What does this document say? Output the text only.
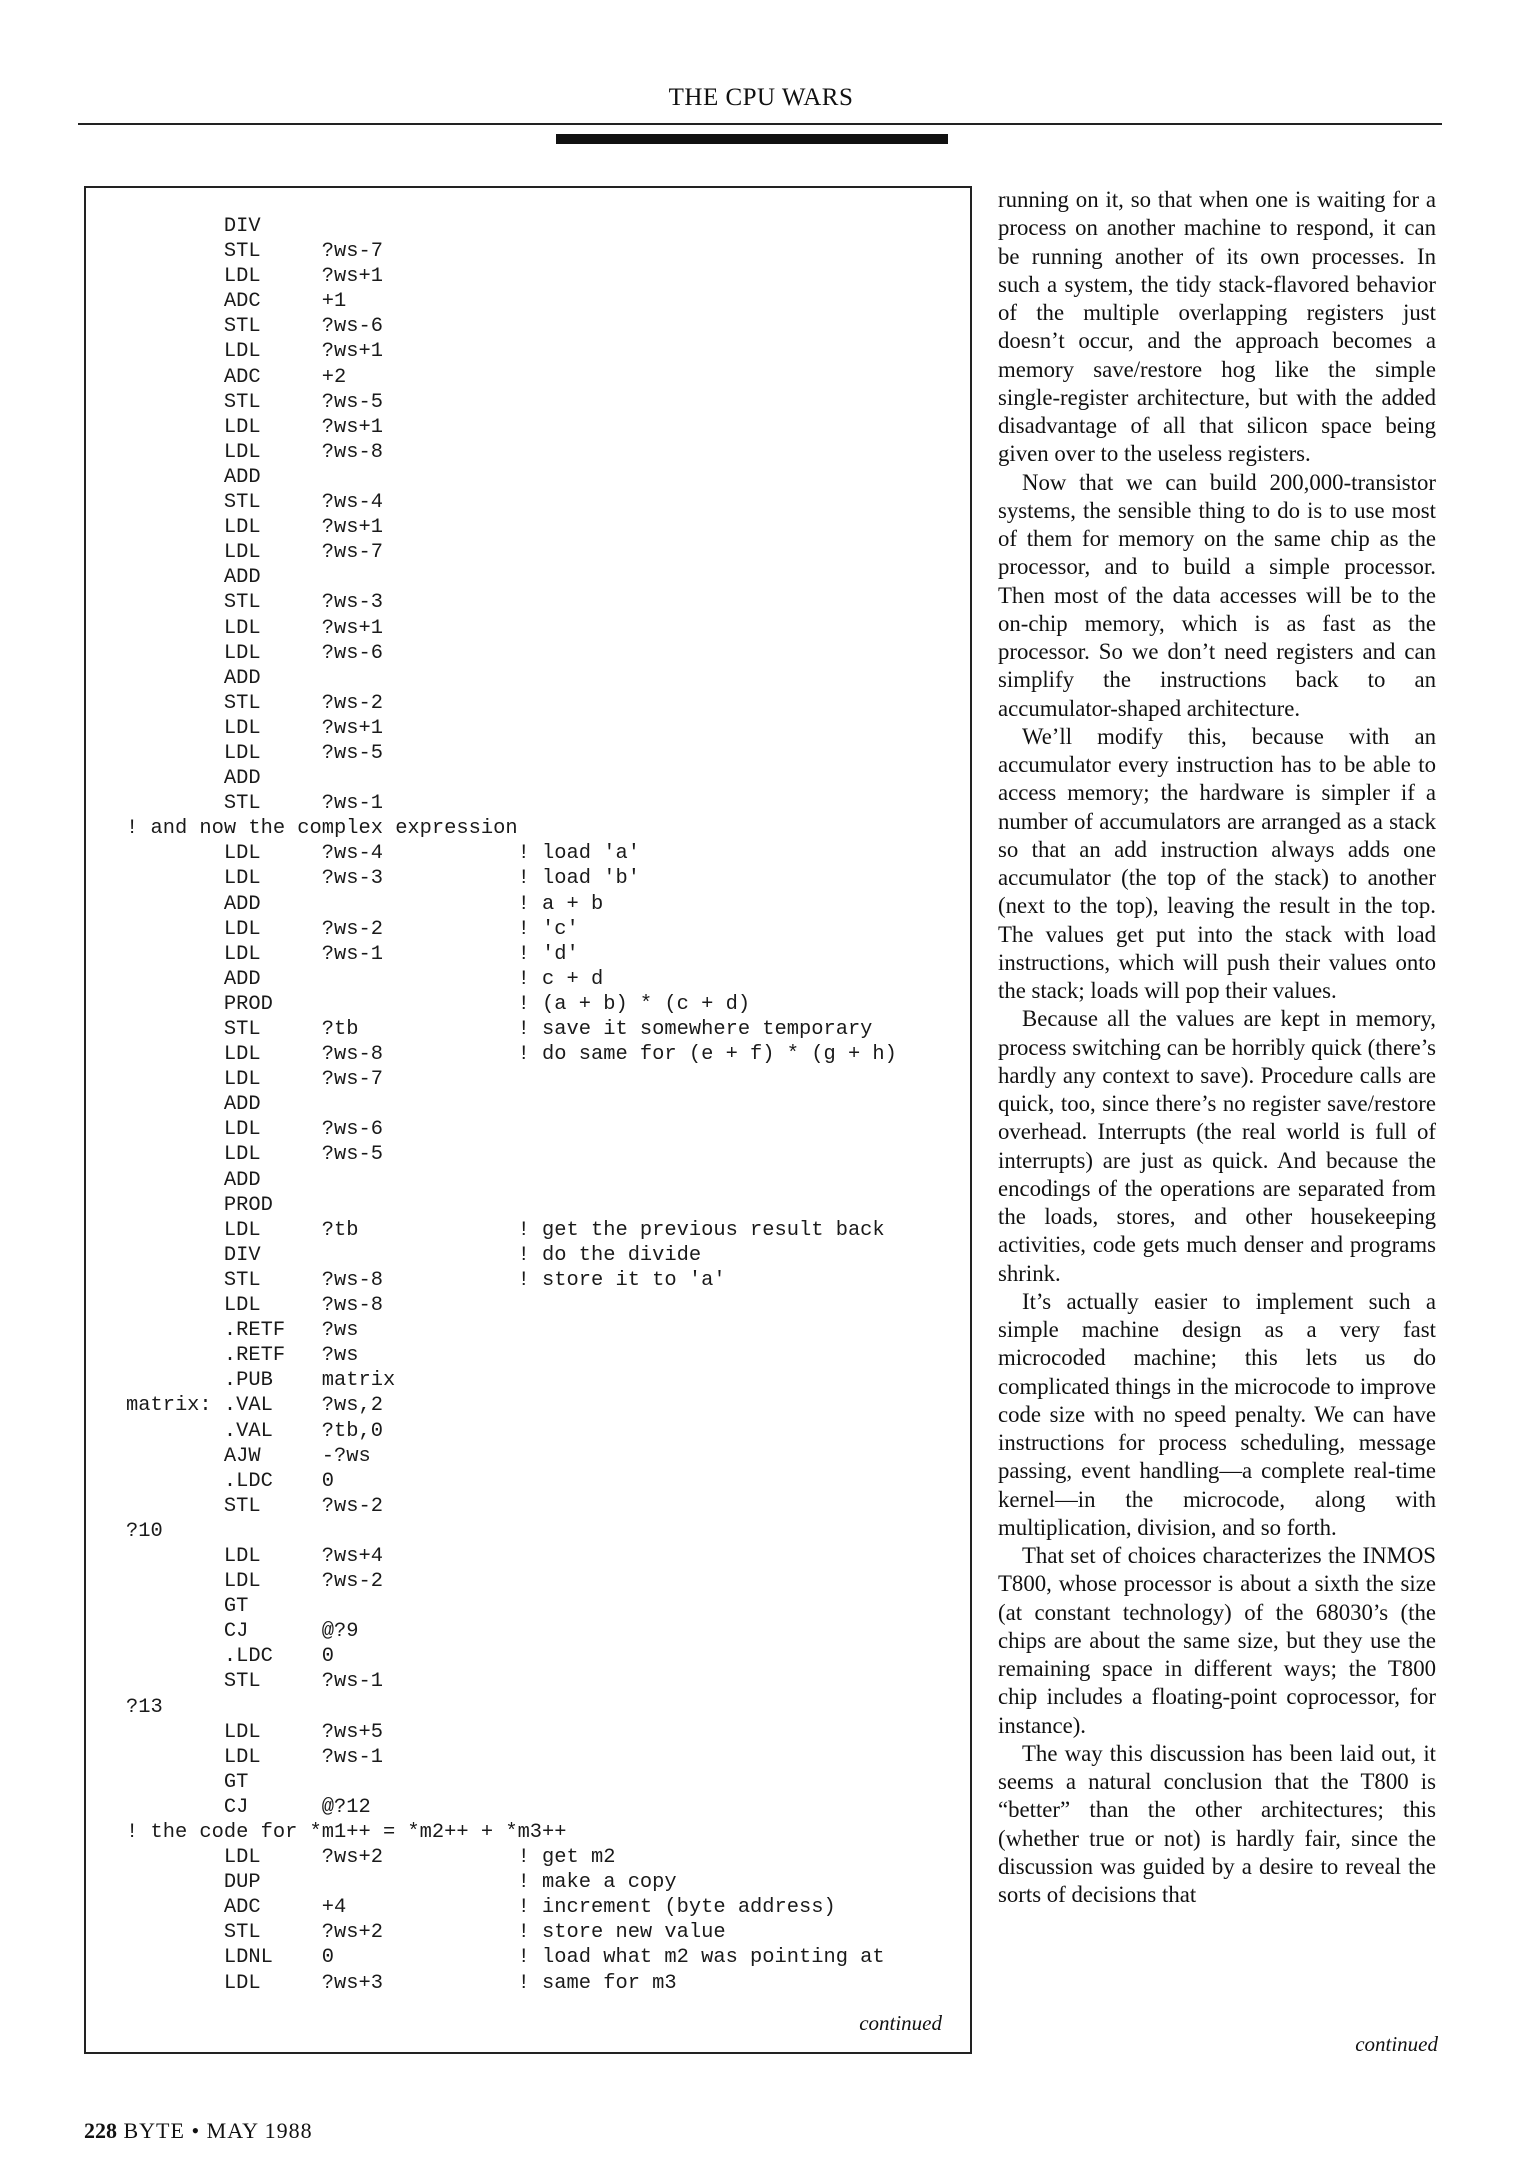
THE CPU WARS
DIV
STL     ?ws-7
LDL     ?ws+1
ADC     +1
STL     ?ws-6
LDL     ?ws+1
ADC     +2
STL     ?ws-5
LDL     ?ws+1
LDL     ?ws-8
ADD
STL     ?ws-4
LDL     ?ws+1
LDL     ?ws-7
ADD
STL     ?ws-3
LDL     ?ws+1
LDL     ?ws-6
ADD
STL     ?ws-2
LDL     ?ws+1
LDL     ?ws-5
ADD
STL     ?ws-1
! and now the complex expression
LDL     ?ws-4           ! load 'a'
LDL     ?ws-3           ! load 'b'
ADD                     ! a + b
LDL     ?ws-2           ! 'c'
LDL     ?ws-1           ! 'd'
ADD                     ! c + d
PROD                    ! (a + b) * (c + d)
STL     ?tb             ! save it somewhere temporary
LDL     ?ws-8           ! do same for (e + f) * (g + h)
LDL     ?ws-7
ADD
LDL     ?ws-6
LDL     ?ws-5
ADD
PROD
LDL     ?tb             ! get the previous result back
DIV                     ! do the divide
STL     ?ws-8           ! store it to 'a'
LDL     ?ws-8
.RETF   ?ws
.RETF   ?ws
.PUB    matrix
matrix: .VAL    ?ws,2
.VAL    ?tb,0
AJW     -?ws
.LDC    0
STL     ?ws-2
?10
LDL     ?ws+4
LDL     ?ws-2
GT
CJ      @?9
.LDC    0
STL     ?ws-1
?13
LDL     ?ws+5
LDL     ?ws-1
GT
CJ      @?12
! the code for *m1++ = *m2++ + *m3++
LDL     ?ws+2           ! get m2
DUP                     ! make a copy
ADC     +4              ! increment (byte address)
STL     ?ws+2           ! store new value
LDNL    0               ! load what m2 was pointing at
LDL     ?ws+3           ! same for m3
continued

running on it, so that when one is waiting for a process on another machine to respond, it can be running another of its own processes. In such a system, the tidy stack-flavored behavior of the multiple overlapping registers just doesn’t occur, and the approach becomes a memory save/restore hog like the simple single-register architecture, but with the added disadvantage of all that silicon space being given over to the useless registers.

Now that we can build 200,000-transistor systems, the sensible thing to do is to use most of them for memory on the same chip as the processor, and to build a simple processor. Then most of the data accesses will be to the on-chip memory, which is as fast as the processor. So we don’t need registers and can simplify the instructions back to an accumulator-shaped architecture.

We’ll modify this, because with an accumulator every instruction has to be able to access memory; the hardware is simpler if a number of accumulators are arranged as a stack so that an add instruction always adds one accumulator (the top of the stack) to another (next to the top), leaving the result in the top. The values get put into the stack with load instructions, which will push their values onto the stack; loads will pop their values.

Because all the values are kept in memory, process switching can be horribly quick (there’s hardly any context to save). Procedure calls are quick, too, since there’s no register save/restore overhead. Interrupts (the real world is full of interrupts) are just as quick. And because the encodings of the operations are separated from the loads, stores, and other housekeeping activities, code gets much denser and programs shrink.

It’s actually easier to implement such a simple machine design as a very fast microcoded machine; this lets us do complicated things in the microcode to improve code size with no speed penalty. We can have instructions for process scheduling, message passing, event handling—a complete real-time kernel—in the microcode, along with multiplication, division, and so forth.

That set of choices characterizes the INMOS T800, whose processor is about a sixth the size (at constant technology) of the 68030’s (the chips are about the same size, but they use the remaining space in different ways; the T800 chip includes a floating-point coprocessor, for instance).

The way this discussion has been laid out, it seems a natural conclusion that the T800 is “better” than the other architectures; this (whether true or not) is hardly fair, since the discussion was guided by a desire to reveal the sorts of decisions that

continued
228 BYTE • MAY 1988
